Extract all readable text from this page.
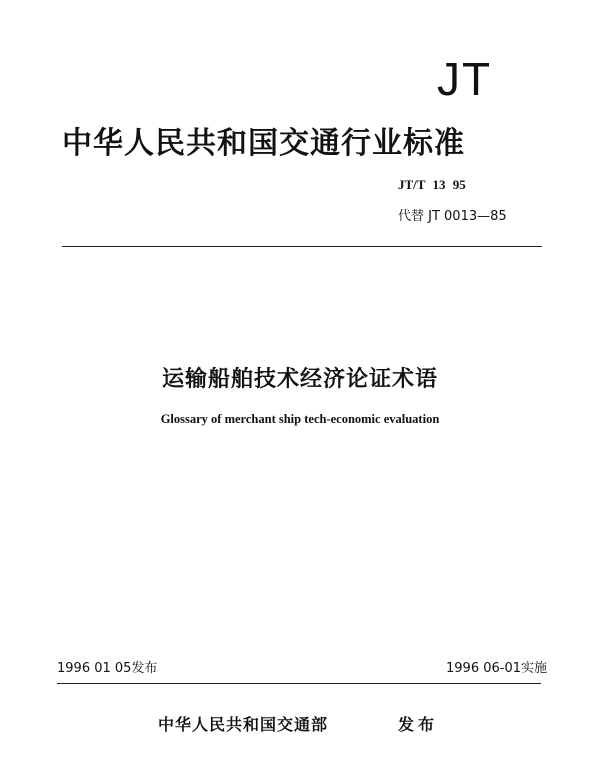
JT
中华人民共和国交通行业标准
JT/T 13 95
代替 JT 0013—85
运输船舶技术经济论证术语
Glossary of merchant ship tech-economic evaluation
1996 01 05发布	1996 06-01实施
中华人民共和国交通部	发布
